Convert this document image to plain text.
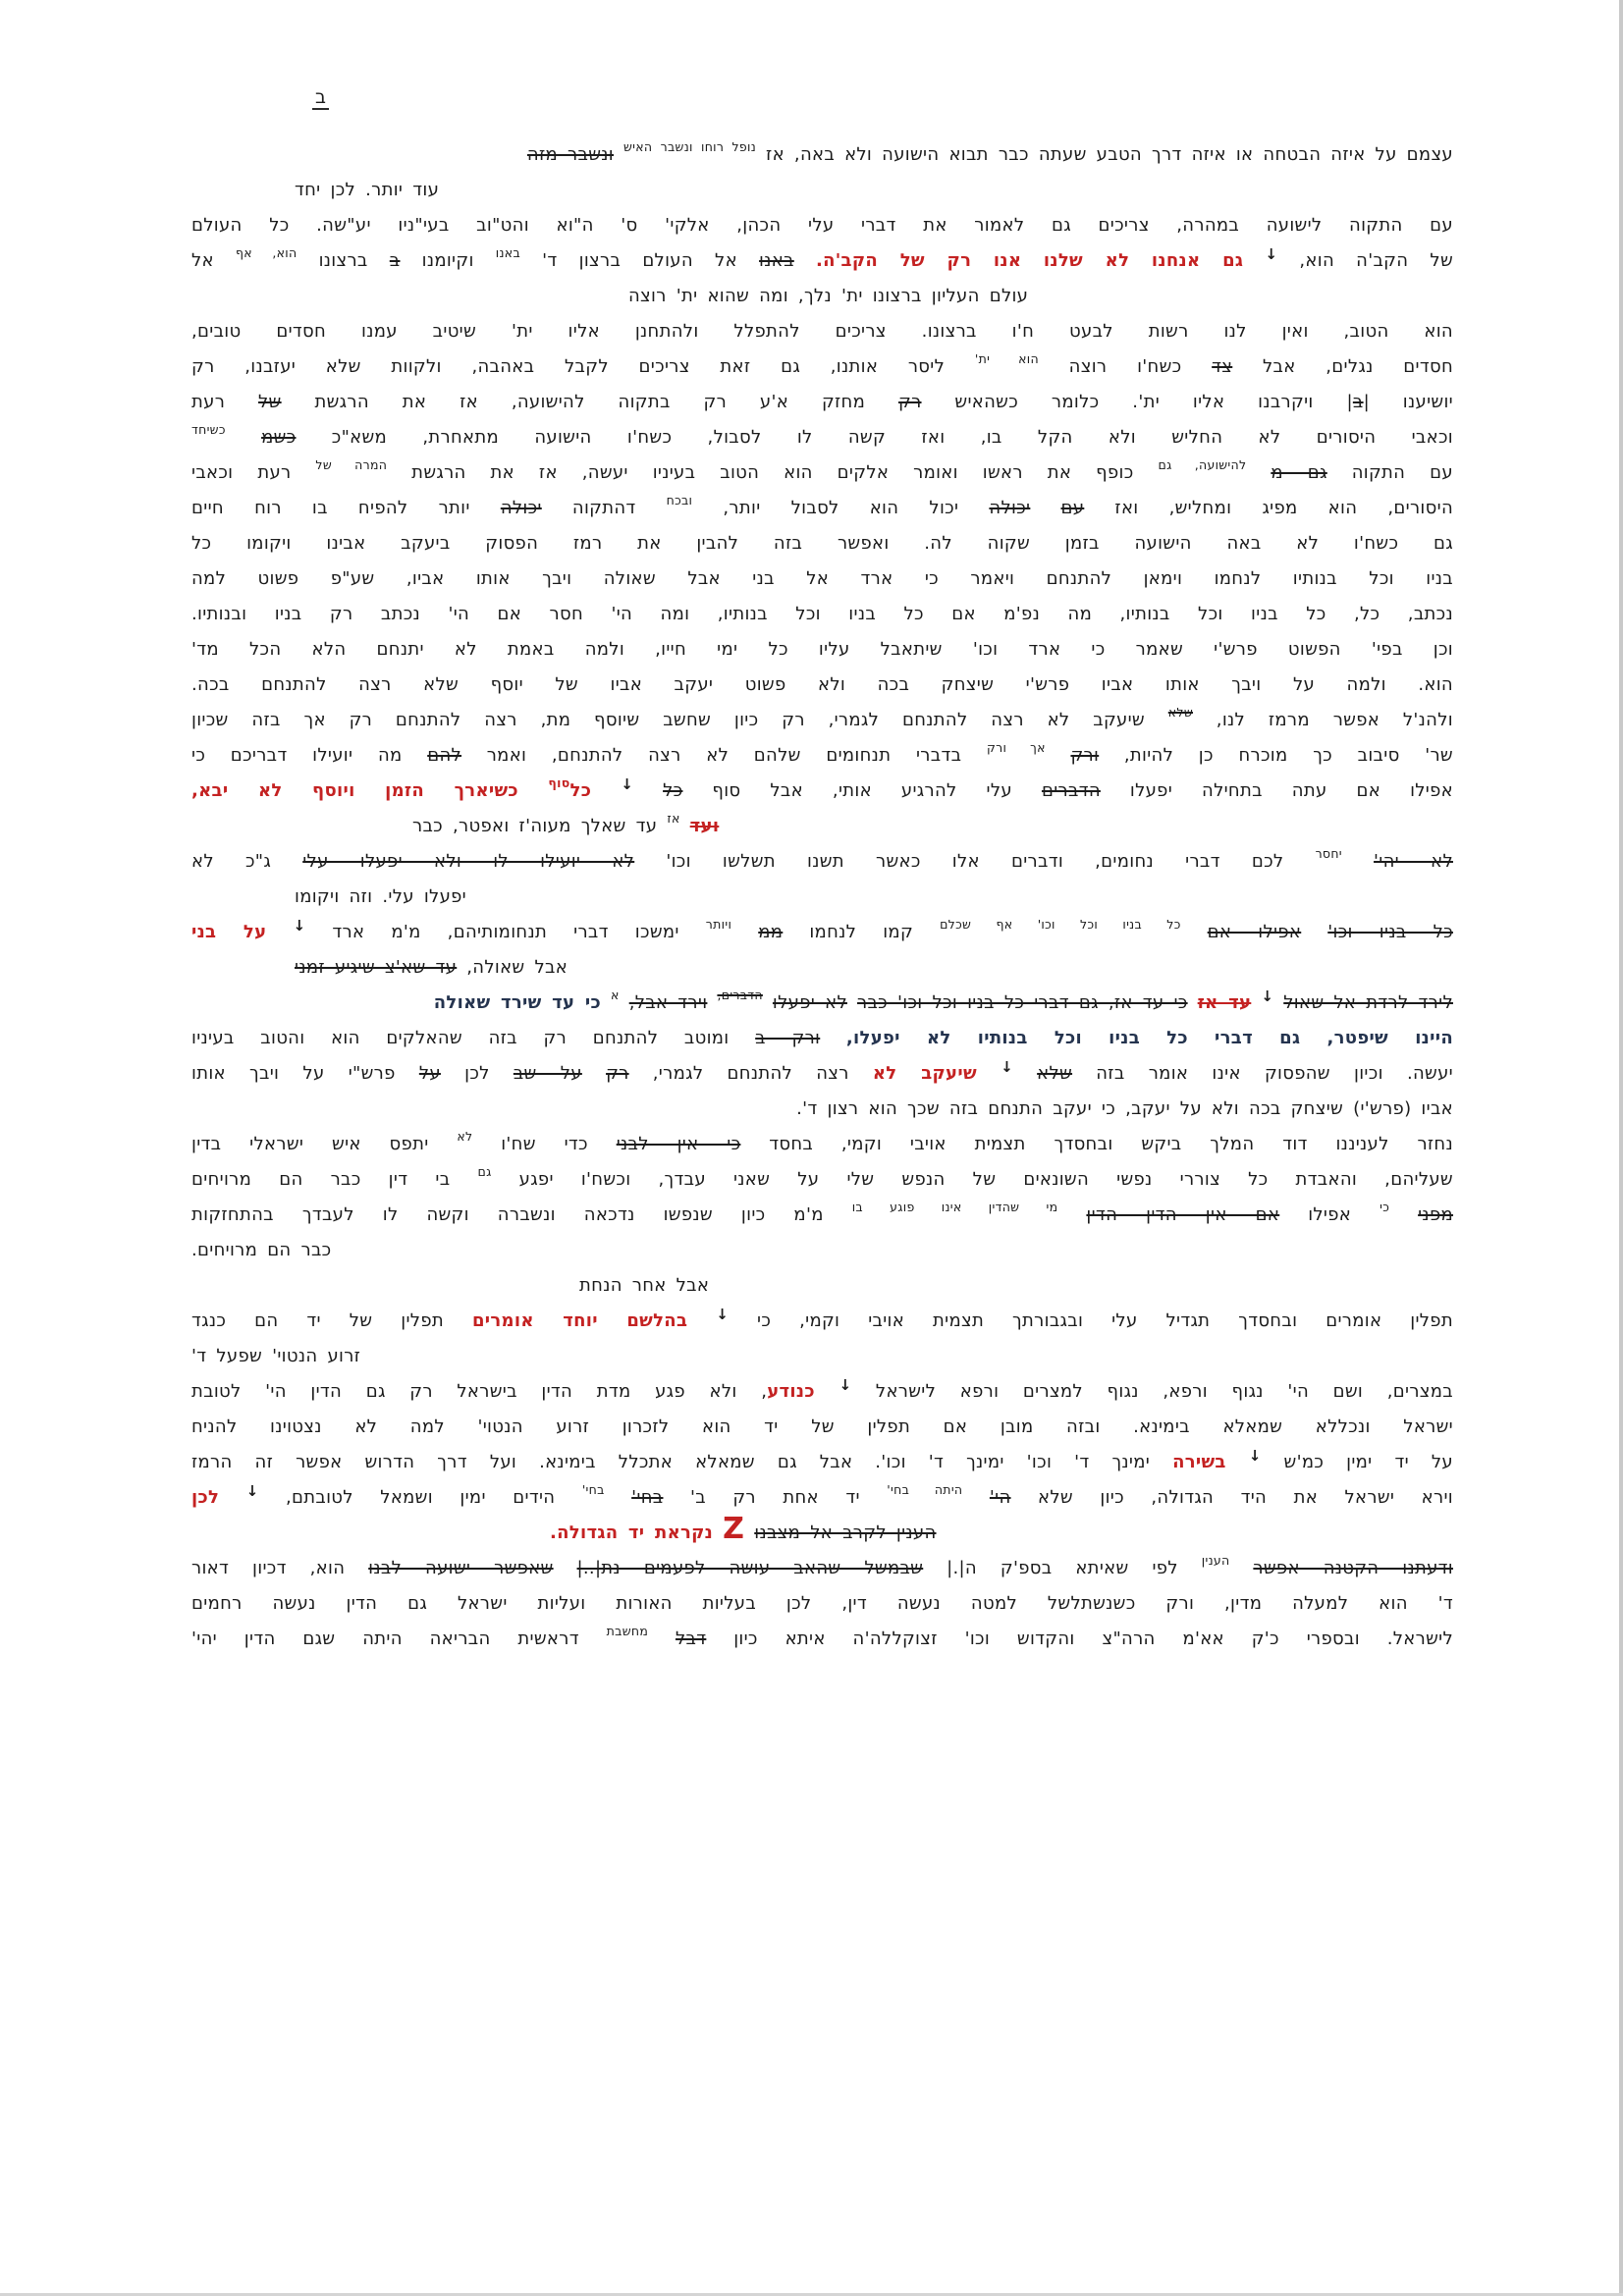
ב
עצמם על איזה הבטחה או איזה דרך הטבע שעתה כבר תבוא הישועה ולא באה, אז $^{נופל רוחו ונשבר האיש}$ ונשבר מזה
עוד יותר. לכן יחד
עם התקוה לישועה במהרה, צריכים גם לאמור את דברי עלי הכהן, אלקי' ס' ה"וא והט"וב בעי"ניו יע"שה. כל העולם
של הקב'ה הוא, ↓ גם אנחנו לא שלנו אנו רק של הקב'ה. באנו אל העולם ברצון ד' $^{באנו}$ וקיומנו ב ברצונו $^{הוא, אף}$ אל
עולם העליון ברצונו ית' נלך, ומה שהוא ית' רוצה
הוא הטוב, ואין לנו רשות לבעט ח'ו ברצונו. צריכים להתפלל ולהתחנן אליו ית' שיטיב עמנו חסדים טובים,
חסדים נגלים, אבל צד כשח'ו רוצה $^{הוא ית'}$ ליסר אותנו, גם זאת צריכים לקבל באהבה, ולקוות שלא יעזבנו, רק
יושיענו |ב| ויקרבנו אליו ית'. כלומר כשהאיש רק מחזק א'ע רק בתקוה להישועה, אז את הרגשת של רעת
וכאבי היסורים לא החליש ולא הקל בו, ואז קשה לו לסבול, כשח'ו הישועה מתאחרת, משא"כ כשמ $^{כשיחד}$
עם התקוה גם מ $^{להישועה, גם}$ כופף את ראשו ואומר אלקים הוא הטוב בעיניו יעשה, אז את הרגשת $^{המרה של}$ רעת וכאבי
היסורים, הוא מפיג ומחליש, ואז עם יכולה יכול הוא לסבול יותר, $^{ובכח}$ דהתקוה יכולה יותר להפיח בו רוח חיים
גם כשח'ו לא באה הישועה בזמן שקוה לה. ואפשר בזה להבין את רמז הפסוק ביעקב אבינו ויקומו כל
בניו וכל בנותיו לנחמו וימאן להתנחם ויאמר כי ארד אל בני אבל שאולה ויבך אותו אביו, שע"פ פשוט למה
נכתב, כל, כל בניו וכל בנותיו, מה נפ'מ אם כל בניו וכל בנותיו, ומה הי' חסר אם הי' נכתב רק בניו ובנותיו.
וכן בפי' הפשוט פרש'י שאמר כי ארד וכו' שיתאבל עליו כל ימי חייו, ולמה באמת לא יתנחם הלא הכל מד'
הוא. ולמה על ויבך אותו אביו פרש'י שיצחק בכה ולא פשוט יעקב אביו של יוסף שלא רצה להתנחם בכה.
ולהנ'ל אפשר מרמז לנו, $^{שלא}$ שיעקב לא רצה להתנחם לגמרי, רק כיון שחשב שיוסף מת, רצה להתנחם רק אך בזה שכיון
שר' סיבוב כך מוכרח כן להיות, ורק $^{אך ורק}$ בדברי תנחומים שלהם לא רצה להתנחם, ואמר להם מה יועילו דבריכם כי
אפילו אם עתה בתחילה יפעלו הדברים עלי להרגיע אותי, אבל סוף כל ↓ כל$^{סוף}$ כשיארך הזמן ויוסף לא יבא,
ועד $^{אז}$ עד שאלך מעוה'ז ואפטר, כבר
לא יהי' $^{יחסר}$ לכם דברי נחומים, ודברים אלו כאשר תשנו תשלשו וכו' לא יועילו לו ולא יפעלו עלי ג"כ לא
יפעלו עלי. וזה ויקומו
כל בניו וכו' אפילו אם $^{כל בניו וכל וכו' אף שכלם}$ קמו לנחמו ממ $^{ויותר}$ ימשכו דברי תנחומותיהם, מ'מ ארד ↓ על בני
אבל שאולה, עד שא'צ שיגיע זמני
לירד לרדת אל שאול ↓ עד אז כי עד אז, גם דברי כל בניו וכל וכו' כבר לא יפעלו $^{הדברים,}$ וירד אבל, $^א$ כי עד שירד שאולה
היינו שיפטר, גם דברי כל בניו וכל בנותיו לא יפעלו, ורק ב ומוטב להתנחם רק בזה שהאלקים הוא והטוב בעיניו
יעשה. וכיון שהפסוק אינו אומר בזה שלא ↓ שיעקב לא רצה להתנחם לגמרי, רק על שב לכן על פרש"י על ויבך אותו
אביו (פרש'י) שיצחק בכה ולא על יעקב, כי יעקב התנחם בזה שכך הוא רצון ד'.
נחזר לעניננו דוד המלך ביקש ובחסדך תצמית אויבי וקמי, בחסד כי אין לבני כדי שח'ו $^{לא}$ יתפס איש ישראלי בדין
שעליהם, והאבדת כל צוררי נפשי השונאים של הנפש שלי על שאני עבדך, וכשח'ו יפגע $^{גם}$ בי דין כבר הם מרויחים
מפני $^{כי}$ אפילו אם אין הדין הדין $^{מי שהדין אינו פוגע בו}$ מ'מ כיון שנפשו נדכאה ונשברה וקשה לו לעבדך בהתחזקות
כבר הם מרויחים.
אבל אחר הנחת
תפלין אומרים ובחסדך תגדיל עלי ובגבורתך תצמית אויבי וקמי, כי ↓ בהלשם יוחד אומרים תפלין של יד הם כנגד
זרוע הנטוי' שפעל ד'
במצרים, ושם הי' נגוף ורפא, נגוף למצרים ורפא לישראל ↓ כנודע, ולא פגע מדת הדין בישראל רק גם הדין הי' לטובת
ישראל ונכללא שמאלא בימינא. ובזה מובן אם תפלין של יד הוא לזכרון זרוע הנטוי' למה לא נצטוינו להניח
על יד ימין כמ'ש ↓ בשירה ימינך ד' וכו' ימינך ד' וכו'. אבל גם שמאלא אתכלל בימינא. ועל דרך הדרוש אפשר זה הרמז
וירא ישראל את היד הגדולה, כיון שלא הי' $^{היתה בחי'}$ יד אחת רק ב' בחי' $^{בחי'}$ הידים ימין ושמאל לטובתם, ↓ לכן
הענין לקרב אל מצבנו Z נקראת יד הגדולה.
ודעתנו הקטנה אפשר $^{הענין}$ לפי שאיתא בספ'ק ה|.| שבמשל שהאב עושה לפעמים נת|..| שאפשר ישועה לבנו הוא, דכיון דאור
ד' הוא למעלה מדין, ורק כשנשתלשל למטה נעשה דין, לכן בעליות האורות ועליות ישראל גם הדין נעשה רחמים
לישראל. ובספרי כ'ק אא'מ הרה"צ והקדוש וכו' זצוקללה'ה איתא כיון דבל $^{מחשבת}$ דראשית הבריאה היתה שגם הדין יהי'
